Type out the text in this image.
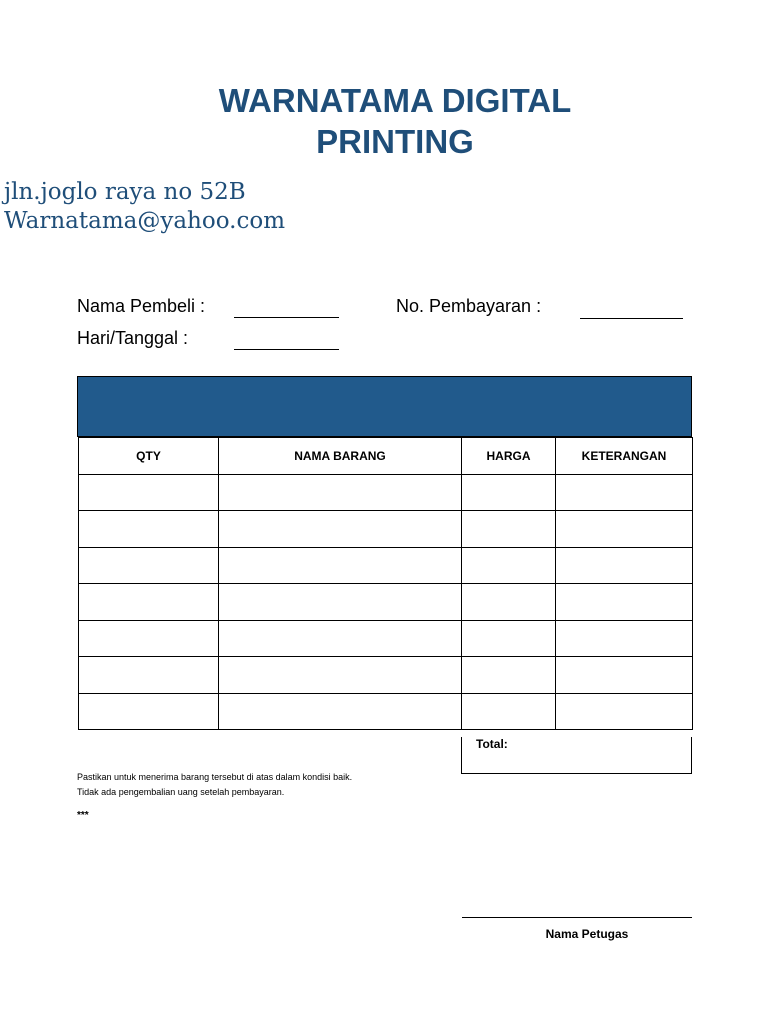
WARNATAMA DIGITAL
PRINTING
jln.joglo raya no 52B
Warnatama@yahoo.com
Nama Pembeli :	No. Pembayaran :
Hari/Tanggal :
QTY	NAMA BARANG	HARGA	KETERANGAN

Total:
Pastikan untuk menerima barang tersebut di atas dalam kondisi baik.
Tidak ada pengembalian uang setelah pembayaran.
***
Nama Petugas
